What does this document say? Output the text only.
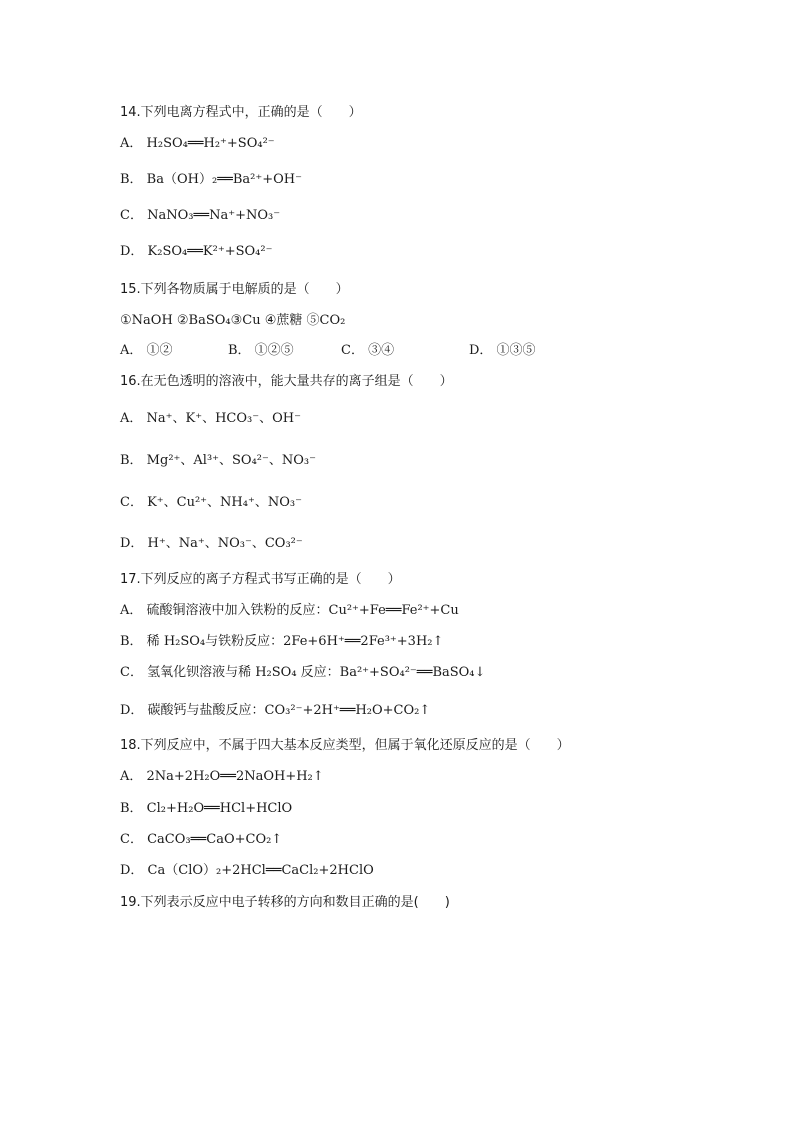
14.下列电离方程式中，正确的是（　　）
A． H₂SO₄══H₂⁺+SO₄²⁻
B． Ba（OH）₂══Ba²⁺+OH⁻
C． NaNO₃══Na⁺+NO₃⁻
D． K₂SO₄══K²⁺+SO₄²⁻
15.下列各物质属于电解质的是（　　）
①NaOH ②BaSO₄③Cu ④蔗糖 ⑤CO₂
A． ①②	B． ①②⑤	C． ③④	D． ①③⑤
16.在无色透明的溶液中，能大量共存的离子组是（　　）
A． Na⁺、K⁺、HCO₃⁻、OH⁻
B． Mg²⁺、Al³⁺、SO₄²⁻、NO₃⁻
C． K⁺、Cu²⁺、NH₄⁺、NO₃⁻
D． H⁺、Na⁺、NO₃⁻、CO₃²⁻
17.下列反应的离子方程式书写正确的是（　　）
A． 硫酸铜溶液中加入铁粉的反应：Cu²⁺+Fe══Fe²⁺+Cu
B． 稀 H₂SO₄与铁粉反应：2Fe+6H⁺══2Fe³⁺+3H₂↑
C． 氢氧化钡溶液与稀 H₂SO₄ 反应：Ba²⁺+SO₄²⁻══BaSO₄↓
D． 碳酸钙与盐酸反应：CO₃²⁻+2H⁺══H₂O+CO₂↑
18.下列反应中，不属于四大基本反应类型，但属于氧化还原反应的是（　　）
A． 2Na+2H₂O══2NaOH+H₂↑
B． Cl₂+H₂O══HCl+HClO
C． CaCO₃══CaO+CO₂↑
D． Ca（ClO）₂+2HCl══CaCl₂+2HClO
19.下列表示反应中电子转移的方向和数目正确的是(　　)
